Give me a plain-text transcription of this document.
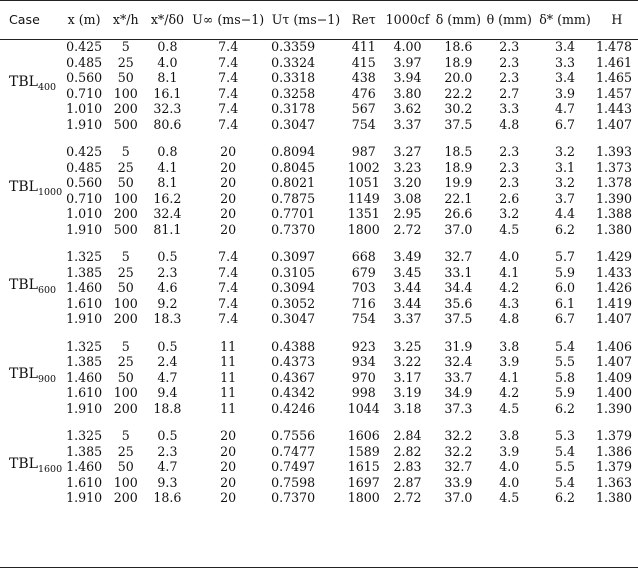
Case	x (m)	x*/h	x*/δ0	U∞ (ms−1)	Uτ (ms−1)	Reτ	1000cf	δ (mm)	θ (mm)	δ* (mm)	H

$TBL_{400}$	0.425	5	0.8	7.4	0.3359	411	4.00	18.6	2.3	3.4	1.478
	0.485	25	4.0	7.4	0.3324	415	3.97	18.9	2.3	3.3	1.461
	0.560	50	8.1	7.4	0.3318	438	3.94	20.0	2.3	3.4	1.465
	0.710	100	16.1	7.4	0.3258	476	3.80	22.2	2.7	3.9	1.457
	1.010	200	32.3	7.4	0.3178	567	3.62	30.2	3.3	4.7	1.443
	1.910	500	80.6	7.4	0.3047	754	3.37	37.5	4.8	6.7	1.407

$TBL_{1000}$	0.425	5	0.8	20	0.8094	987	3.27	18.5	2.3	3.2	1.393
	0.485	25	4.1	20	0.8045	1002	3.23	18.9	2.3	3.1	1.373
	0.560	50	8.1	20	0.8021	1051	3.20	19.9	2.3	3.2	1.378
	0.710	100	16.2	20	0.7875	1149	3.08	22.1	2.6	3.7	1.390
	1.010	200	32.4	20	0.7701	1351	2.95	26.6	3.2	4.4	1.388
	1.910	500	81.1	20	0.7370	1800	2.72	37.0	4.5	6.2	1.380

$TBL_{600}$	1.325	5	0.5	7.4	0.3097	668	3.49	32.7	4.0	5.7	1.429
	1.385	25	2.3	7.4	0.3105	679	3.45	33.1	4.1	5.9	1.433
	1.460	50	4.6	7.4	0.3094	703	3.44	34.4	4.2	6.0	1.426
	1.610	100	9.2	7.4	0.3052	716	3.44	35.6	4.3	6.1	1.419
	1.910	200	18.3	7.4	0.3047	754	3.37	37.5	4.8	6.7	1.407

$TBL_{900}$	1.325	5	0.5	11	0.4388	923	3.25	31.9	3.8	5.4	1.406
	1.385	25	2.4	11	0.4373	934	3.22	32.4	3.9	5.5	1.407
	1.460	50	4.7	11	0.4367	970	3.17	33.7	4.1	5.8	1.409
	1.610	100	9.4	11	0.4342	998	3.19	34.9	4.2	5.9	1.400
	1.910	200	18.8	11	0.4246	1044	3.18	37.3	4.5	6.2	1.390

$TBL_{1600}$	1.325	5	0.5	20	0.7556	1606	2.84	32.2	3.8	5.3	1.379
	1.385	25	2.3	20	0.7477	1589	2.82	32.2	3.9	5.4	1.386
	1.460	50	4.7	20	0.7497	1615	2.83	32.7	4.0	5.5	1.379
	1.610	100	9.3	20	0.7598	1697	2.87	33.9	4.0	5.4	1.363
	1.910	200	18.6	20	0.7370	1800	2.72	37.0	4.5	6.2	1.380
